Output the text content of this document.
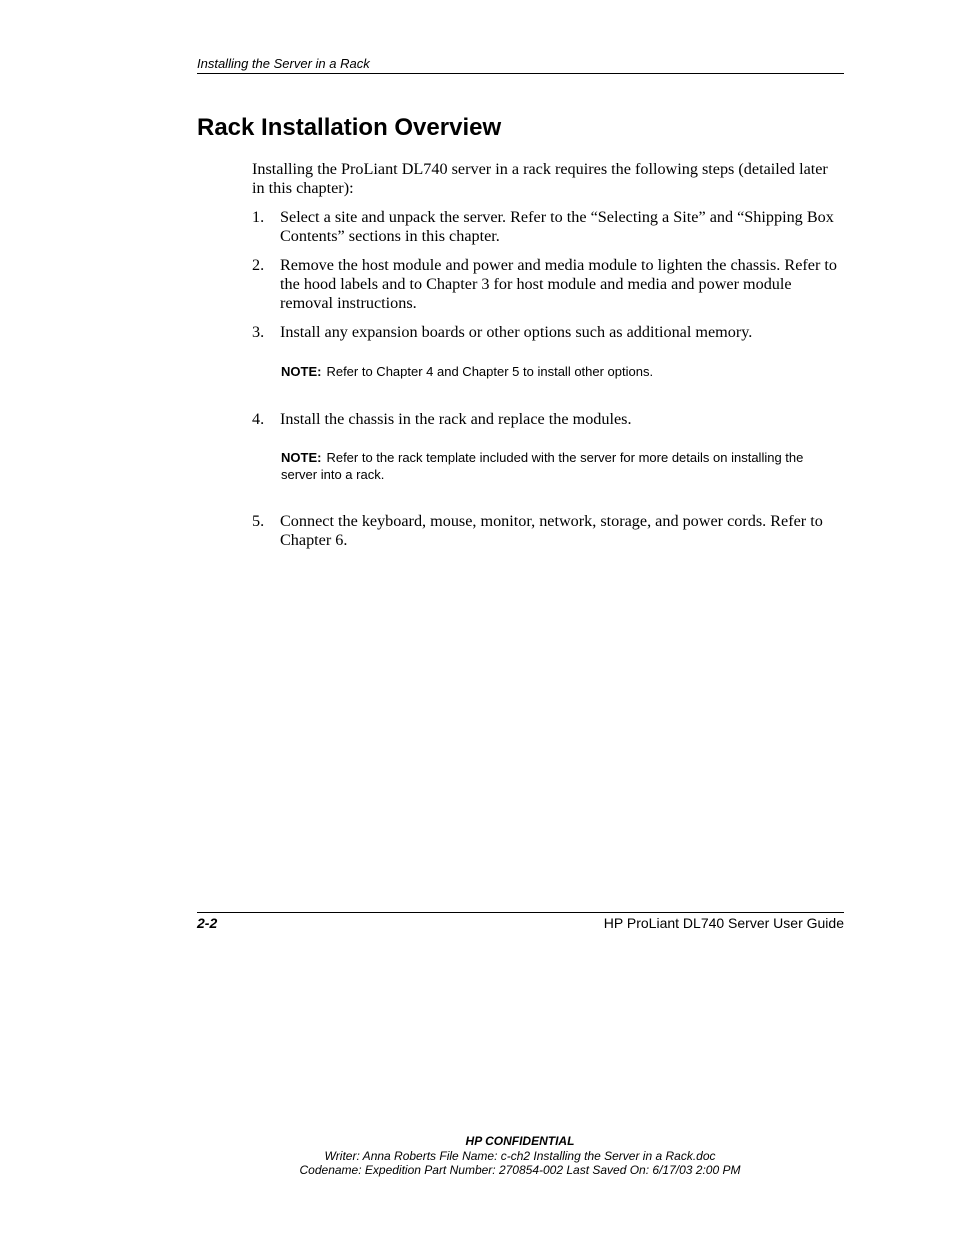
Installing the Server in a Rack
Rack Installation Overview

Installing the ProLiant DL740 server in a rack requires the following steps (detailed later in this chapter):

1. Select a site and unpack the server. Refer to the “Selecting a Site” and “Shipping Box Contents” sections in this chapter.
2. Remove the host module and power and media module to lighten the chassis. Refer to the hood labels and to Chapter 3 for host module and media and power module removal instructions.
3. Install any expansion boards or other options such as additional memory.
NOTE: Refer to Chapter 4 and Chapter 5 to install other options.
4. Install the chassis in the rack and replace the modules.
NOTE: Refer to the rack template included with the server for more details on installing the server into a rack.
5. Connect the keyboard, mouse, monitor, network, storage, and power cords. Refer to Chapter 6.
2-2	HP ProLiant DL740 Server User Guide
HP CONFIDENTIAL
Writer: Anna Roberts File Name: c-ch2 Installing the Server in a Rack.doc
Codename: Expedition Part Number: 270854-002 Last Saved On: 6/17/03 2:00 PM
